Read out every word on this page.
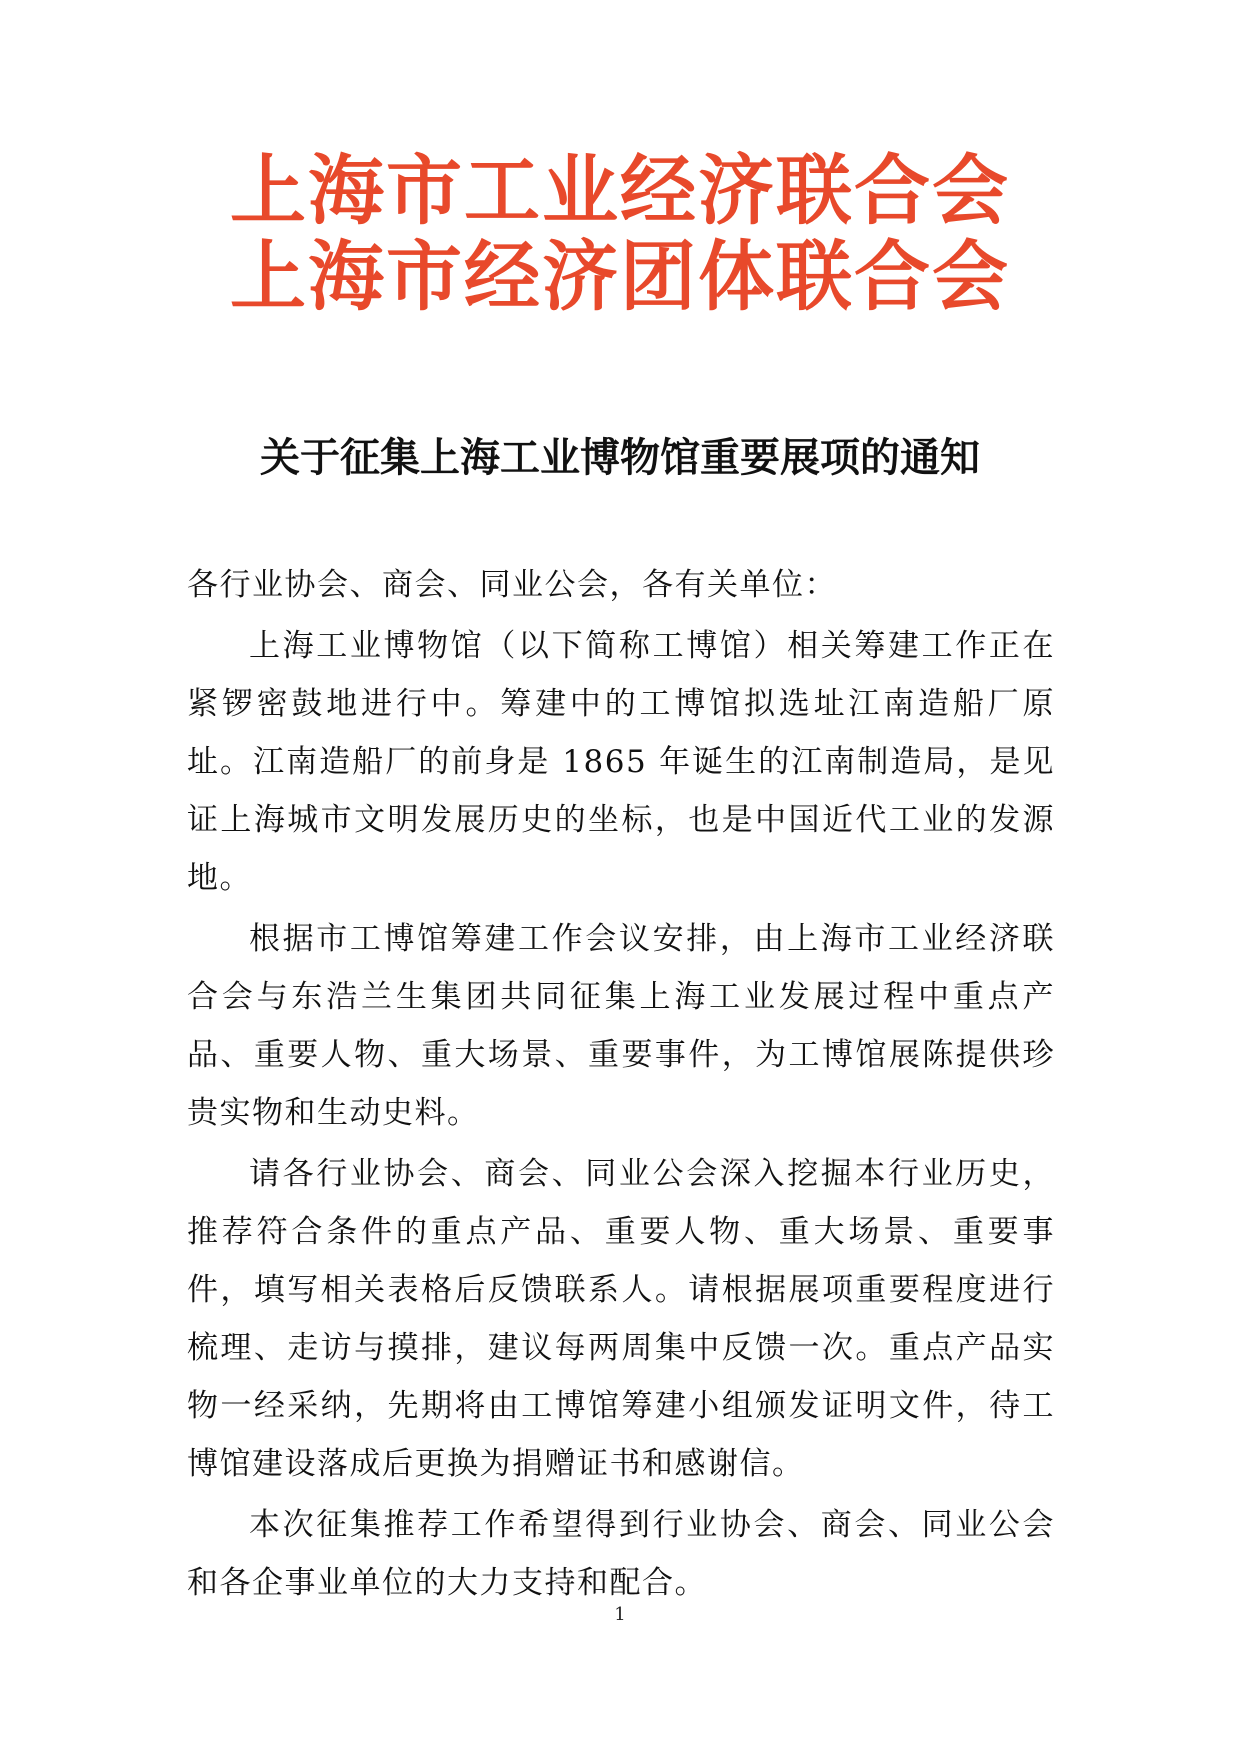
上海市工业经济联合会
上海市经济团体联合会
关于征集上海工业博物馆重要展项的通知

各行业协会、商会、同业公会，各有关单位：

上海工业博物馆（以下简称工博馆）相关筹建工作正在紧锣密鼓地进行中。筹建中的工博馆拟选址江南造船厂原址。江南造船厂的前身是 1865 年诞生的江南制造局，是见证上海城市文明发展历史的坐标，也是中国近代工业的发源地。

根据市工博馆筹建工作会议安排，由上海市工业经济联合会与东浩兰生集团共同征集上海工业发展过程中重点产品、重要人物、重大场景、重要事件，为工博馆展陈提供珍贵实物和生动史料。

请各行业协会、商会、同业公会深入挖掘本行业历史，推荐符合条件的重点产品、重要人物、重大场景、重要事件，填写相关表格后反馈联系人。请根据展项重要程度进行梳理、走访与摸排，建议每两周集中反馈一次。重点产品实物一经采纳，先期将由工博馆筹建小组颁发证明文件，待工博馆建设落成后更换为捐赠证书和感谢信。

本次征集推荐工作希望得到行业协会、商会、同业公会和各企事业单位的大力支持和配合。

1
